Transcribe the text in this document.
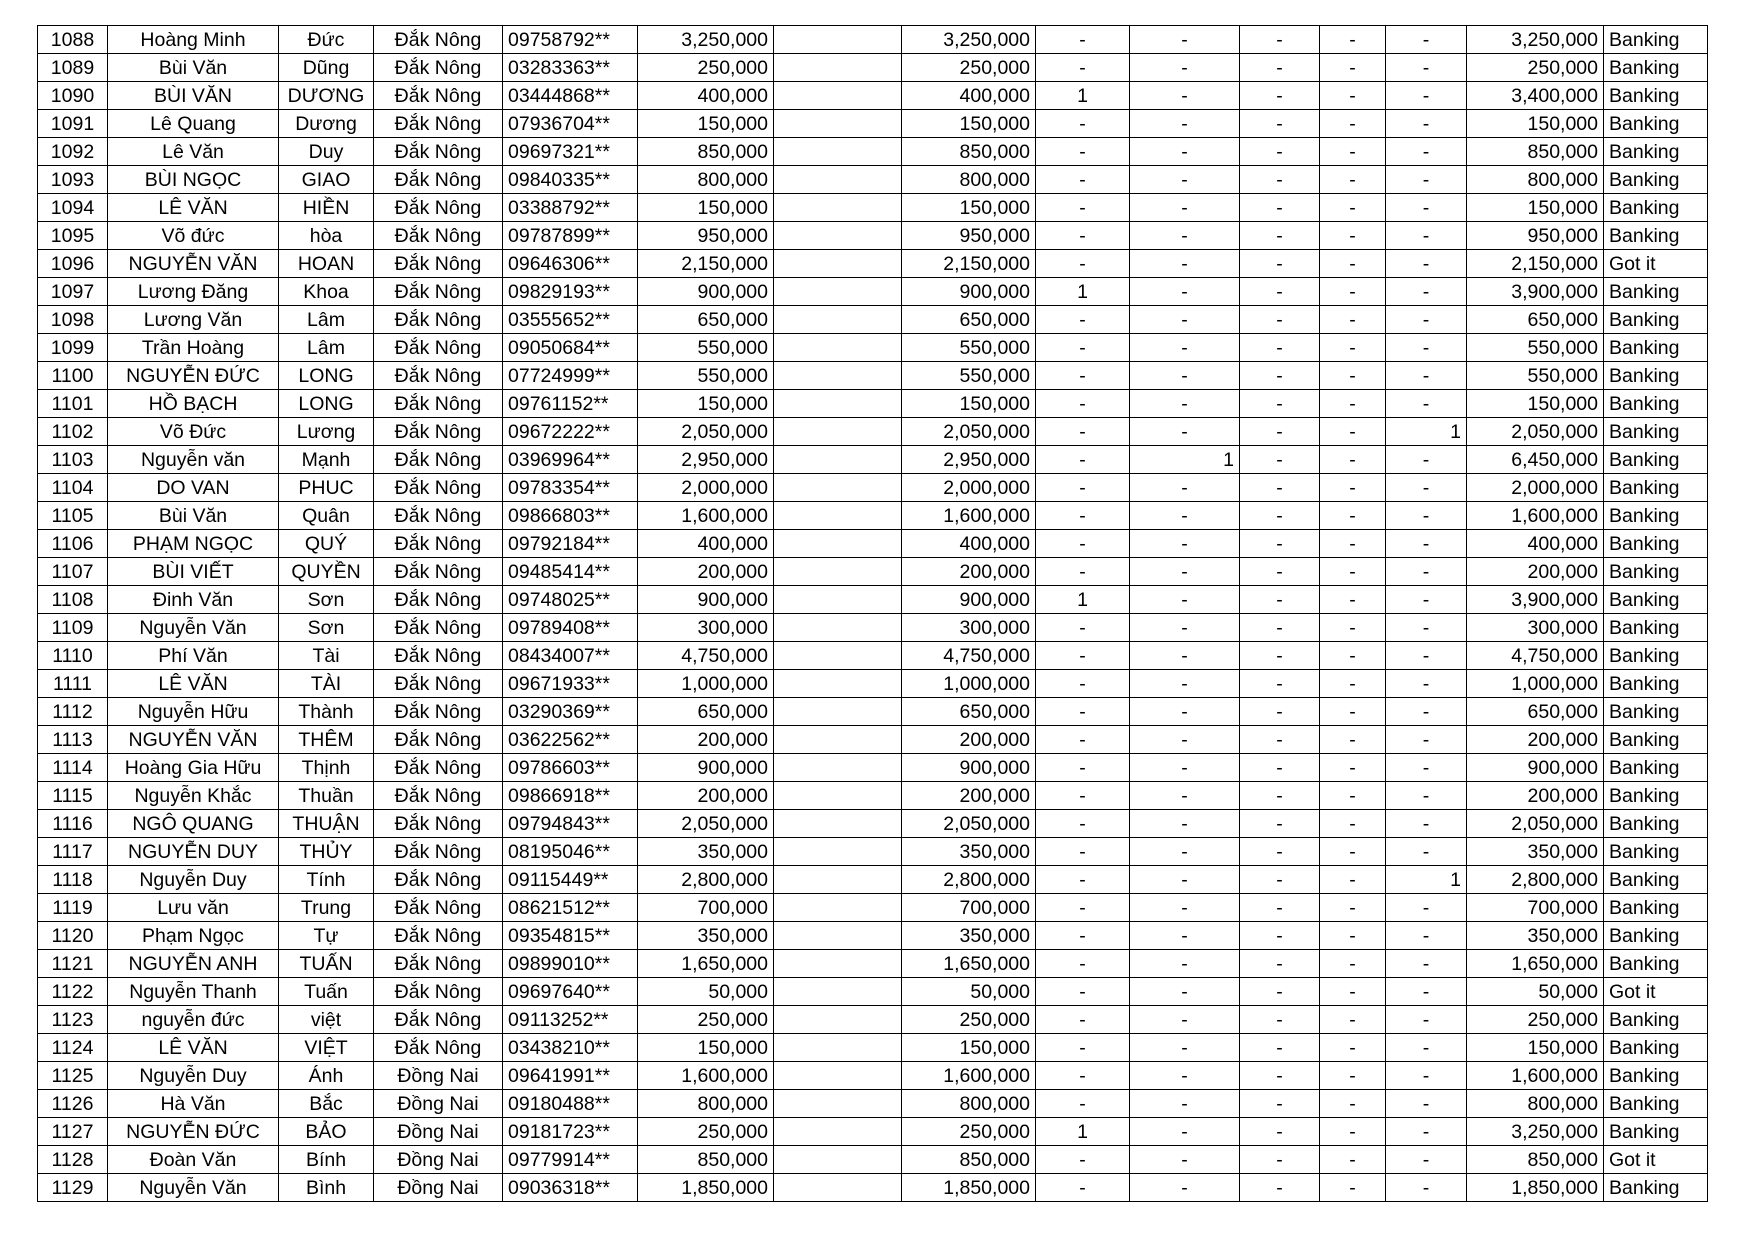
1088	Hoàng Minh	Đức	Đắk Nông	09758792**	3,250,000		3,250,000	-	-	-	-	-	3,250,000	Banking
1089	Bùi Văn	Dũng	Đắk Nông	03283363**	250,000		250,000	-	-	-	-	-	250,000	Banking
1090	BÙI VĂN	DƯƠNG	Đắk Nông	03444868**	400,000		400,000	1	-	-	-	-	3,400,000	Banking
1091	Lê Quang	Dương	Đắk Nông	07936704**	150,000		150,000	-	-	-	-	-	150,000	Banking
1092	Lê Văn	Duy	Đắk Nông	09697321**	850,000		850,000	-	-	-	-	-	850,000	Banking
1093	BÙI NGỌC	GIAO	Đắk Nông	09840335**	800,000		800,000	-	-	-	-	-	800,000	Banking
1094	LÊ VĂN	HIỀN	Đắk Nông	03388792**	150,000		150,000	-	-	-	-	-	150,000	Banking
1095	Võ đức	hòa	Đắk Nông	09787899**	950,000		950,000	-	-	-	-	-	950,000	Banking
1096	NGUYỄN VĂN	HOAN	Đắk Nông	09646306**	2,150,000		2,150,000	-	-	-	-	-	2,150,000	Got it
1097	Lương Đăng	Khoa	Đắk Nông	09829193**	900,000		900,000	1	-	-	-	-	3,900,000	Banking
1098	Lương Văn	Lâm	Đắk Nông	03555652**	650,000		650,000	-	-	-	-	-	650,000	Banking
1099	Trần Hoàng	Lâm	Đắk Nông	09050684**	550,000		550,000	-	-	-	-	-	550,000	Banking
1100	NGUYỄN ĐỨC	LONG	Đắk Nông	07724999**	550,000		550,000	-	-	-	-	-	550,000	Banking
1101	HỒ BẠCH	LONG	Đắk Nông	09761152**	150,000		150,000	-	-	-	-	-	150,000	Banking
1102	Võ Đức	Lương	Đắk Nông	09672222**	2,050,000		2,050,000	-	-	-	-	1	2,050,000	Banking
1103	Nguyễn văn	Mạnh	Đắk Nông	03969964**	2,950,000		2,950,000	-	1	-	-	-	6,450,000	Banking
1104	DO VAN	PHUC	Đắk Nông	09783354**	2,000,000		2,000,000	-	-	-	-	-	2,000,000	Banking
1105	Bùi Văn	Quân	Đắk Nông	09866803**	1,600,000		1,600,000	-	-	-	-	-	1,600,000	Banking
1106	PHẠM NGỌC	QUÝ	Đắk Nông	09792184**	400,000		400,000	-	-	-	-	-	400,000	Banking
1107	BÙI VIẾT	QUYỀN	Đắk Nông	09485414**	200,000		200,000	-	-	-	-	-	200,000	Banking
1108	Đinh Văn	Sơn	Đắk Nông	09748025**	900,000		900,000	1	-	-	-	-	3,900,000	Banking
1109	Nguyễn Văn	Sơn	Đắk Nông	09789408**	300,000		300,000	-	-	-	-	-	300,000	Banking
1110	Phí Văn	Tài	Đắk Nông	08434007**	4,750,000		4,750,000	-	-	-	-	-	4,750,000	Banking
1111	LÊ VĂN	TÀI	Đắk Nông	09671933**	1,000,000		1,000,000	-	-	-	-	-	1,000,000	Banking
1112	Nguyễn Hữu	Thành	Đắk Nông	03290369**	650,000		650,000	-	-	-	-	-	650,000	Banking
1113	NGUYỄN VĂN	THÊM	Đắk Nông	03622562**	200,000		200,000	-	-	-	-	-	200,000	Banking
1114	Hoàng Gia Hữu	Thịnh	Đắk Nông	09786603**	900,000		900,000	-	-	-	-	-	900,000	Banking
1115	Nguyễn Khắc	Thuần	Đắk Nông	09866918**	200,000		200,000	-	-	-	-	-	200,000	Banking
1116	NGÔ QUANG	THUẬN	Đắk Nông	09794843**	2,050,000		2,050,000	-	-	-	-	-	2,050,000	Banking
1117	NGUYỄN DUY	THỦY	Đắk Nông	08195046**	350,000		350,000	-	-	-	-	-	350,000	Banking
1118	Nguyễn Duy	Tính	Đắk Nông	09115449**	2,800,000		2,800,000	-	-	-	-	1	2,800,000	Banking
1119	Lưu văn	Trung	Đắk Nông	08621512**	700,000		700,000	-	-	-	-	-	700,000	Banking
1120	Phạm Ngọc	Tự	Đắk Nông	09354815**	350,000		350,000	-	-	-	-	-	350,000	Banking
1121	NGUYỄN ANH	TUẤN	Đắk Nông	09899010**	1,650,000		1,650,000	-	-	-	-	-	1,650,000	Banking
1122	Nguyễn Thanh	Tuấn	Đắk Nông	09697640**	50,000		50,000	-	-	-	-	-	50,000	Got it
1123	nguyễn đức	việt	Đắk Nông	09113252**	250,000		250,000	-	-	-	-	-	250,000	Banking
1124	LÊ VĂN	VIỆT	Đắk Nông	03438210**	150,000		150,000	-	-	-	-	-	150,000	Banking
1125	Nguyễn Duy	Ánh	Đồng Nai	09641991**	1,600,000		1,600,000	-	-	-	-	-	1,600,000	Banking
1126	Hà Văn	Bắc	Đồng Nai	09180488**	800,000		800,000	-	-	-	-	-	800,000	Banking
1127	NGUYỄN ĐỨC	BẢO	Đồng Nai	09181723**	250,000		250,000	1	-	-	-	-	3,250,000	Banking
1128	Đoàn Văn	Bính	Đồng Nai	09779914**	850,000		850,000	-	-	-	-	-	850,000	Got it
1129	Nguyễn Văn	Bình	Đồng Nai	09036318**	1,850,000		1,850,000	-	-	-	-	-	1,850,000	Banking
